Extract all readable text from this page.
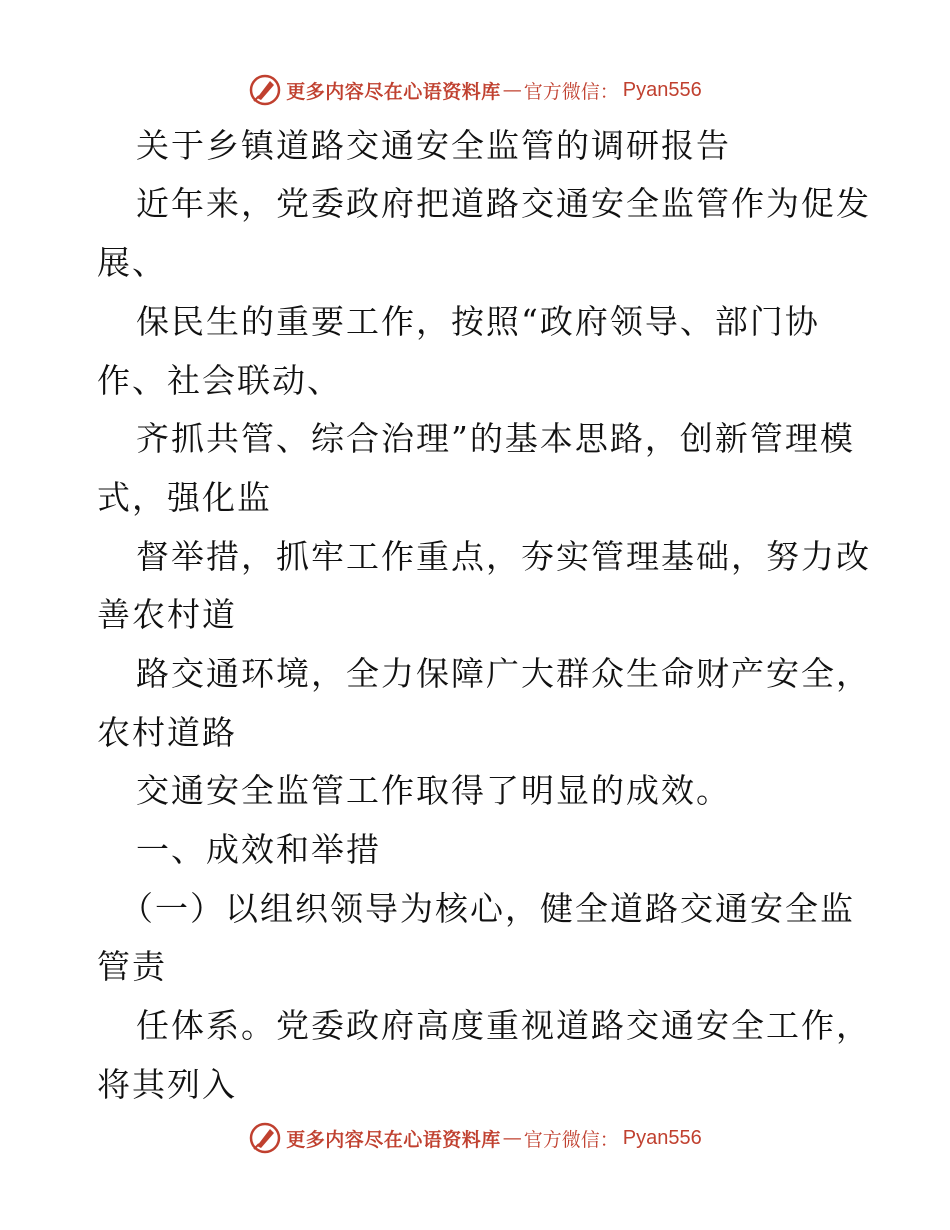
更多内容尽在心语资料库 — 官方微信： Pyan556
关于乡镇道路交通安全监管的调研报告
近年来，党委政府把道路交通安全监管作为促发
展、
保民生的重要工作，按照“政府领导、部门协
作、社会联动、
齐抓共管、综合治理”的基本思路，创新管理模
式，强化监
督举措，抓牢工作重点，夯实管理基础，努力改
善农村道
路交通环境，全力保障广大群众生命财产安全，
农村道路
交通安全监管工作取得了明显的成效。
一、成效和举措
（一）以组织领导为核心，健全道路交通安全监
管责
任体系。党委政府高度重视道路交通安全工作，
将其列入
更多内容尽在心语资料库 — 官方微信： Pyan556
